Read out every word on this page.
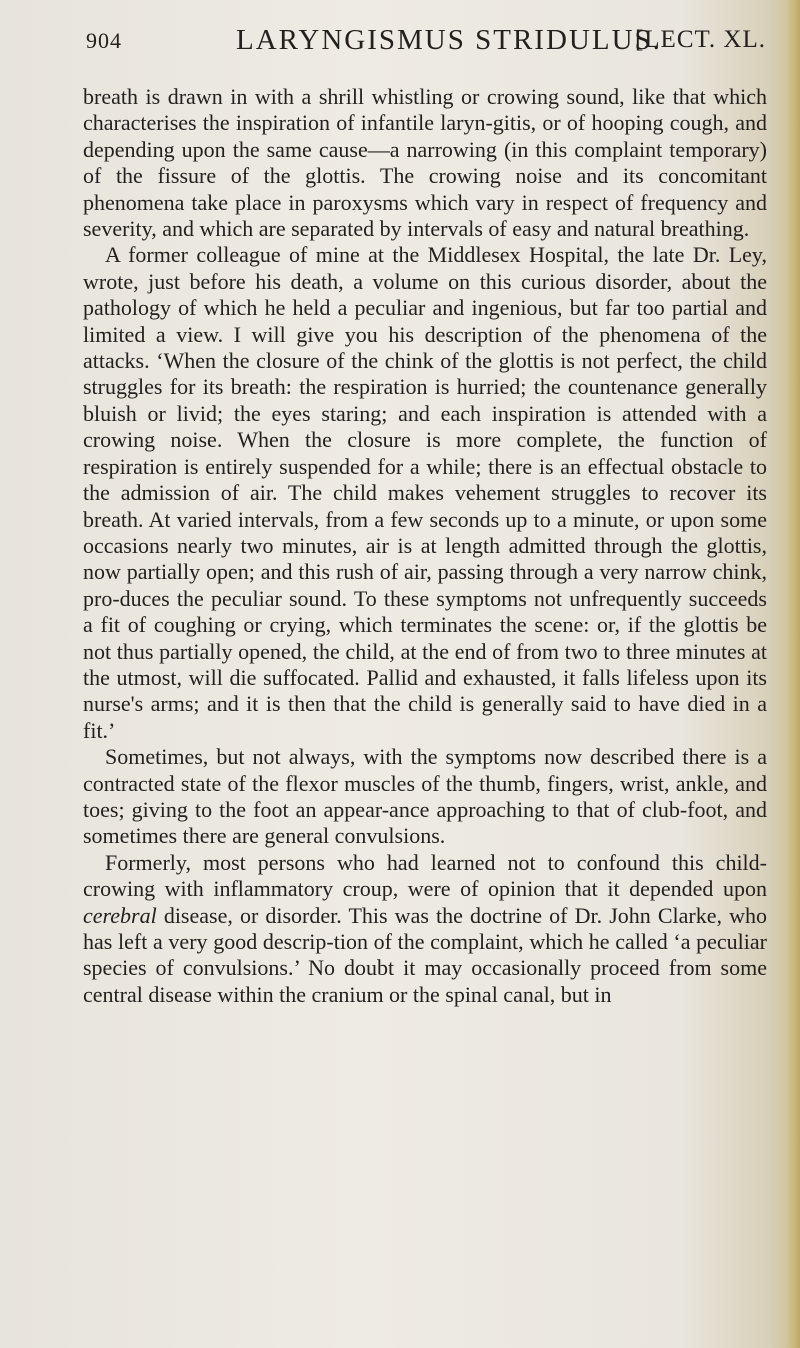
904	LARYNGISMUS STRIDULUS.
[LECT. XL.

breath is drawn in with a shrill whistling or crowing sound, like that which characterises the inspiration of infantile laryn-gitis, or of hooping cough, and depending upon the same cause—a narrowing (in this complaint temporary) of the fissure of the glottis. The crowing noise and its concomitant phenomena take place in paroxysms which vary in respect of frequency and severity, and which are separated by intervals of easy and natural breathing.

A former colleague of mine at the Middlesex Hospital, the late Dr. Ley, wrote, just before his death, a volume on this curious disorder, about the pathology of which he held a peculiar and ingenious, but far too partial and limited a view. I will give you his description of the phenomena of the attacks. ‘When the closure of the chink of the glottis is not perfect, the child struggles for its breath: the respiration is hurried; the countenance generally bluish or livid; the eyes staring; and each inspiration is attended with a crowing noise. When the closure is more complete, the function of respiration is entirely suspended for a while; there is an effectual obstacle to the admission of air. The child makes vehement struggles to recover its breath. At varied intervals, from a few seconds up to a minute, or upon some occasions nearly two minutes, air is at length admitted through the glottis, now partially open; and this rush of air, passing through a very narrow chink, pro-duces the peculiar sound. To these symptoms not unfrequently succeeds a fit of coughing or crying, which terminates the scene: or, if the glottis be not thus partially opened, the child, at the end of from two to three minutes at the utmost, will die suffocated. Pallid and exhausted, it falls lifeless upon its nurse's arms; and it is then that the child is generally said to have died in a fit.’

Sometimes, but not always, with the symptoms now described there is a contracted state of the flexor muscles of the thumb, fingers, wrist, ankle, and toes; giving to the foot an appear-ance approaching to that of club-foot, and sometimes there are general convulsions.

Formerly, most persons who had learned not to confound this child-crowing with inflammatory croup, were of opinion that it depended upon cerebral disease, or disorder. This was the doctrine of Dr. John Clarke, who has left a very good descrip-tion of the complaint, which he called ‘a peculiar species of convulsions.’ No doubt it may occasionally proceed from some central disease within the cranium or the spinal canal, but in
